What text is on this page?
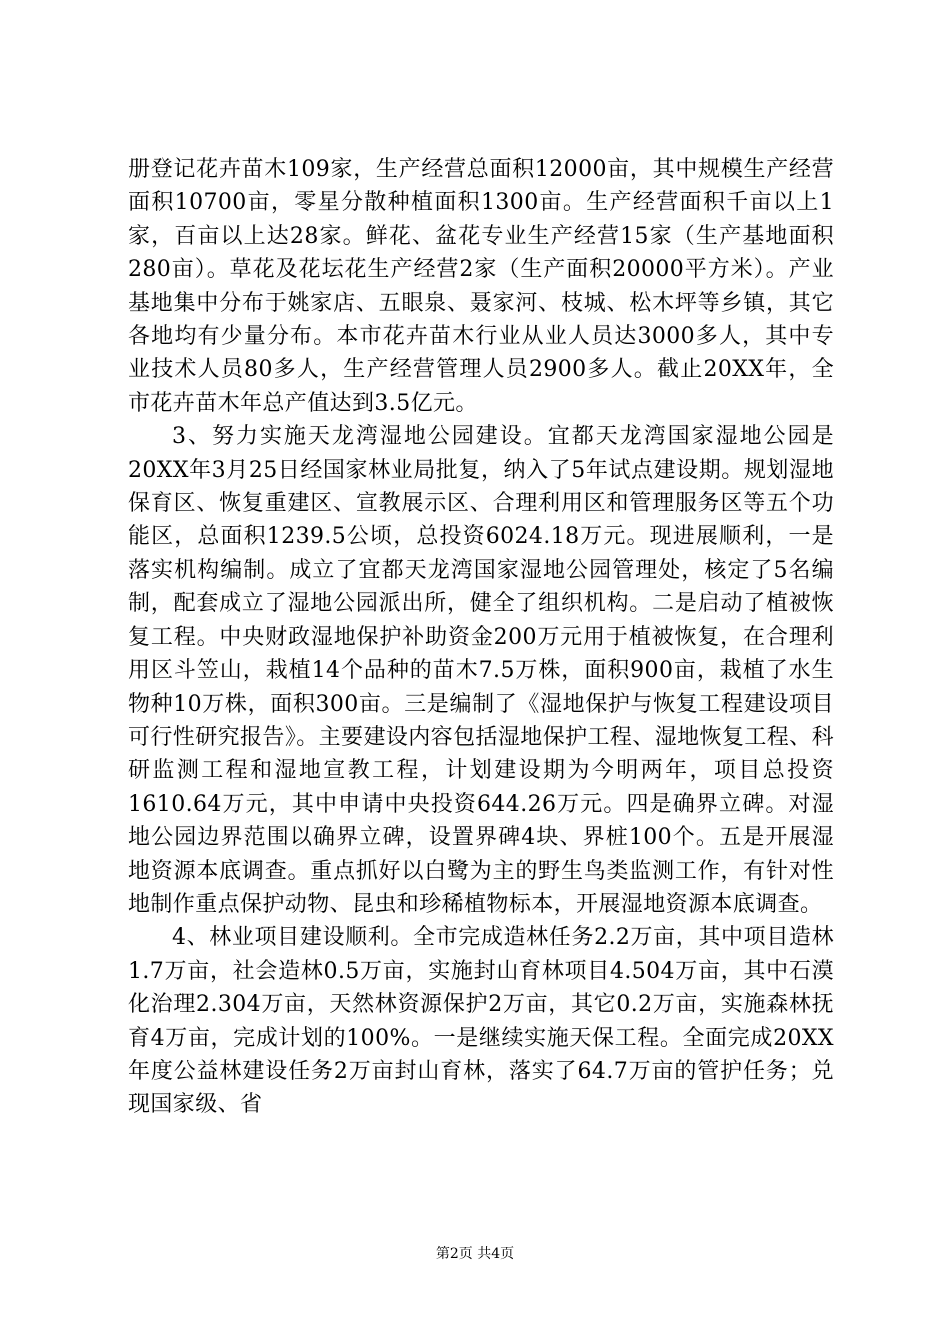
册登记花卉苗木109家，生产经营总面积12000亩，其中规模生产经营面积10700亩，零星分散种植面积1300亩。生产经营面积千亩以上1家，百亩以上达28家。鲜花、盆花专业生产经营15家（生产基地面积280亩）。草花及花坛花生产经营2家（生产面积20000平方米）。产业基地集中分布于姚家店、五眼泉、聂家河、枝城、松木坪等乡镇，其它各地均有少量分布。本市花卉苗木行业从业人员达3000多人，其中专业技术人员80多人，生产经营管理人员2900多人。截止20XX年，全市花卉苗木年总产值达到3.5亿元。

3、努力实施天龙湾湿地公园建设。宜都天龙湾国家湿地公园是20XX年3月25日经国家林业局批复，纳入了5年试点建设期。规划湿地保育区、恢复重建区、宣教展示区、合理利用区和管理服务区等五个功能区，总面积1239.5公顷，总投资6024.18万元。现进展顺利，一是落实机构编制。成立了宜都天龙湾国家湿地公园管理处，核定了5名编制，配套成立了湿地公园派出所，健全了组织机构。二是启动了植被恢复工程。中央财政湿地保护补助资金200万元用于植被恢复，在合理利用区斗笠山，栽植14个品种的苗木7.5万株，面积900亩，栽植了水生物种10万株，面积300亩。三是编制了《湿地保护与恢复工程建设项目可行性研究报告》。主要建设内容包括湿地保护工程、湿地恢复工程、科研监测工程和湿地宣教工程，计划建设期为今明两年，项目总投资1610.64万元，其中申请中央投资644.26万元。四是确界立碑。对湿地公园边界范围以确界立碑，设置界碑4块、界桩100个。五是开展湿地资源本底调查。重点抓好以白鹭为主的野生鸟类监测工作，有针对性地制作重点保护动物、昆虫和珍稀植物标本，开展湿地资源本底调查。

4、林业项目建设顺利。全市完成造林任务2.2万亩，其中项目造林1.7万亩，社会造林0.5万亩，实施封山育林项目4.504万亩，其中石漠化治理2.304万亩，天然林资源保护2万亩，其它0.2万亩，实施森林抚育4万亩，完成计划的100%。一是继续实施天保工程。全面完成20XX年度公益林建设任务2万亩封山育林，落实了64.7万亩的管护任务；兑现国家级、省

第2页 共4页
